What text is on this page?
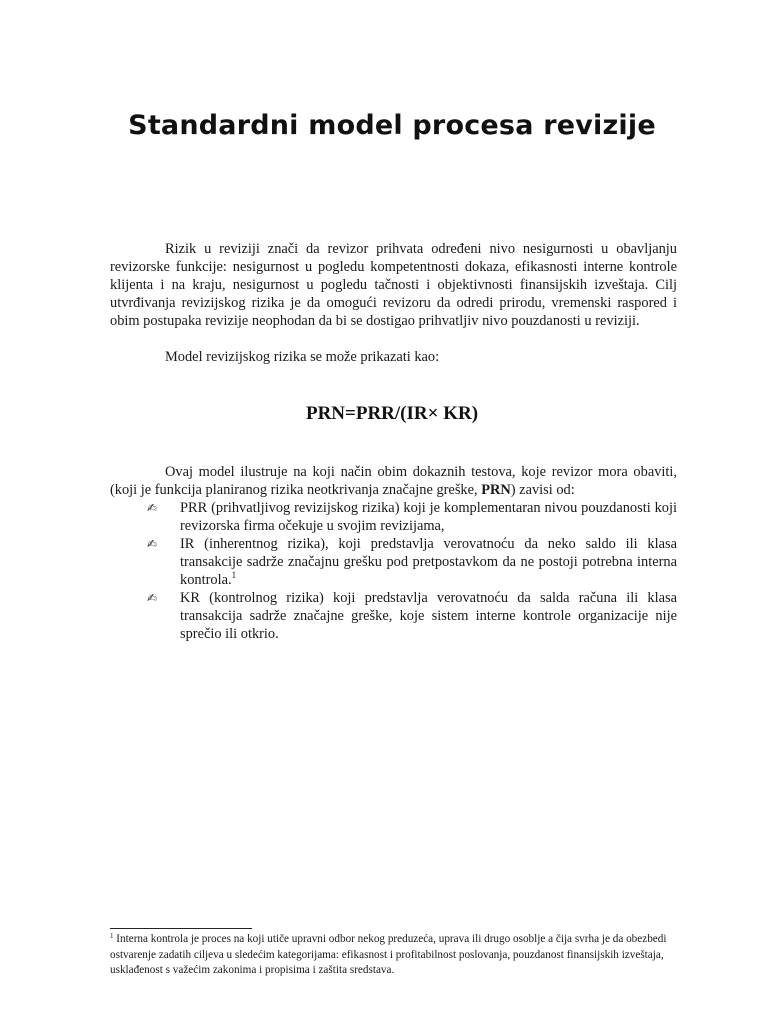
Standardni model procesa revizije

Rizik u reviziji znači da revizor prihvata određeni nivo nesigurnosti u obavljanju revizorske funkcije: nesigurnost u pogledu kompetentnosti dokaza, efikasnosti interne kontrole klijenta i na kraju, nesigurnost u pogledu tačnosti i objektivnosti finansijskih izveštaja. Cilj utvrđivanja revizijskog rizika je da omogući revizoru da odredi prirodu, vremenski raspored i obim postupaka revizije neophodan da bi se dostigao prihvatljiv nivo pouzdanosti u reviziji.

Model revizijskog rizika se može prikazati kao:

PRN=PRR/(IR× KR)

Ovaj model ilustruje na koji način obim dokaznih testova, koje revizor mora obaviti, (koji je funkcija planiranog rizika neotkrivanja značajne greške, PRN) zavisi od:

✍ PRR (prihvatljivog revizijskog rizika) koji je komplementaran nivou pouzdanosti koji revizorska firma očekuje u svojim revizijama,
✍ IR (inherentnog rizika), koji predstavlja verovatnoću da neko saldo ili klasa transakcije sadrže značajnu grešku pod pretpostavkom da ne postoji potrebna interna kontrola.$^1$
✍ KR (kontrolnog rizika) koji predstavlja verovatnoću da salda računa ili klasa transakcija sadrže značajne greške, koje sistem interne kontrole organizacije nije sprečio ili otkrio.

$^1$ Interna kontrola je proces na koji utiče upravni odbor nekog preduzeća, uprava ili drugo osoblje a čija svrha je da obezbedi ostvarenje zadatih ciljeva u sledećim kategorijama: efikasnost i profitabilnost poslovanja, pouzdanost finansijskih izveštaja, usklađenost s važećim zakonima i propisima i zaštita sredstava.
